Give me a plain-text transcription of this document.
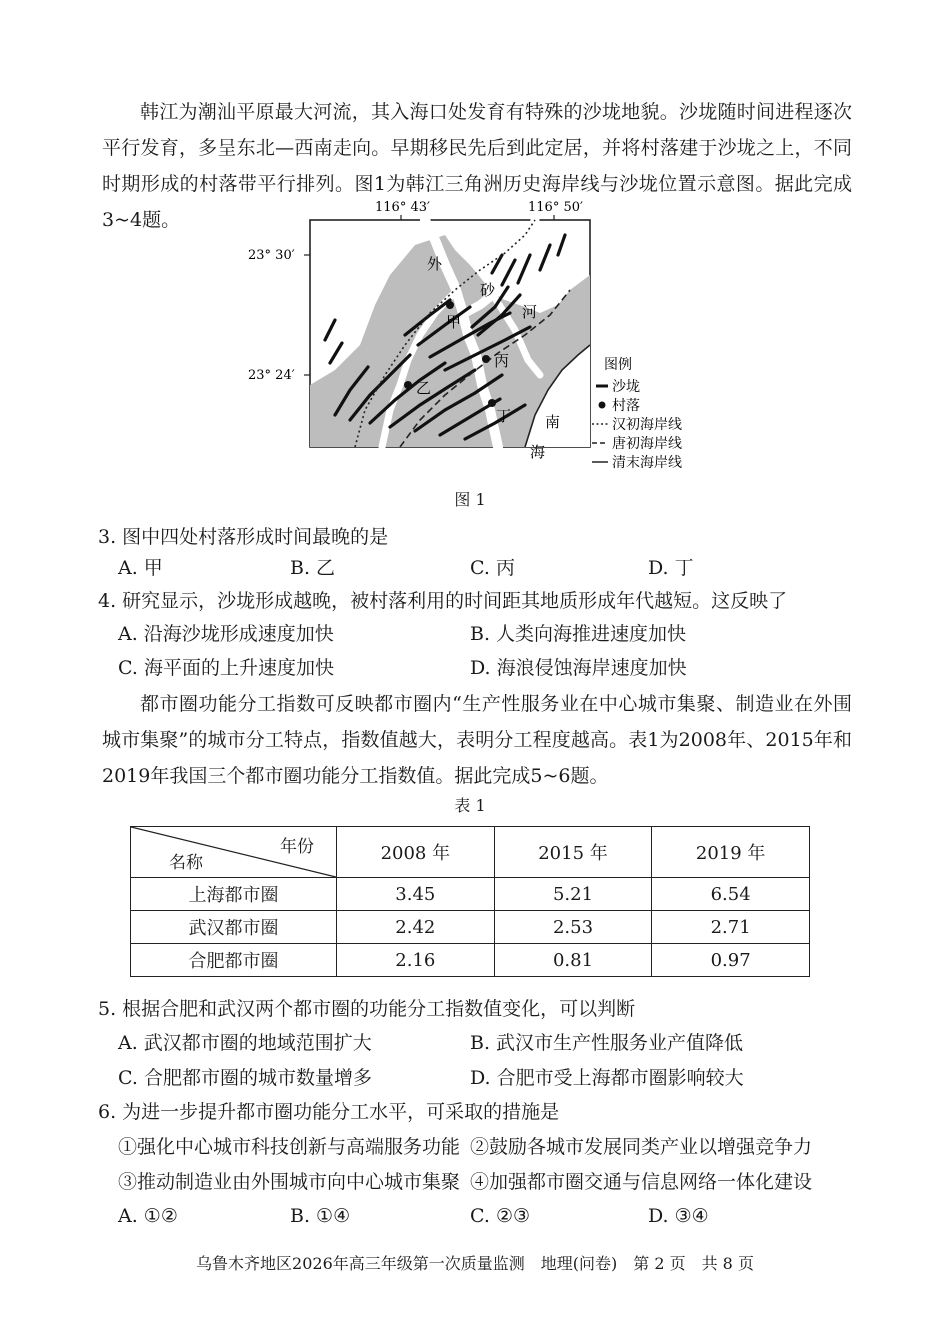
韩江为潮汕平原最大河流，其入海口处发育有特殊的沙垅地貌。沙垅随时间进程逐次平行发育，多呈东北—西南走向。早期移民先后到此定居，并将村落建于沙垅之上，不同时期形成的村落带平行排列。图1为韩江三角洲历史海岸线与沙垅位置示意图。据此完成3~4题。

甲
乙
丙
丁
外
砂
河
南
海
116° 43′	116° 50′
23° 30′
23° 24′
图例
沙垅
村落
汉初海岸线
唐初海岸线
清末海岸线
图 1

3. 图中四处村落形成时间最晚的是

A. 甲	B. 乙	C. 丙	D. 丁

4. 研究显示，沙垅形成越晚，被村落利用的时间距其地质形成年代越短。这反映了

A. 沿海沙垅形成速度加快	B. 人类向海推进速度加快
C. 海平面的上升速度加快	D. 海浪侵蚀海岸速度加快

都市圈功能分工指数可反映都市圈内“生产性服务业在中心城市集聚、制造业在外围城市集聚”的城市分工特点，指数值越大，表明分工程度越高。表1为2008年、2015年和2019年我国三个都市圈功能分工指数值。据此完成5~6题。

表 1
年份
名称	2008 年	2015 年	2019 年
上海都市圈	3.45	5.21	6.54
武汉都市圈	2.42	2.53	2.71
合肥都市圈	2.16	0.81	0.97

5. 根据合肥和武汉两个都市圈的功能分工指数值变化，可以判断

A. 武汉都市圈的地域范围扩大	B. 武汉市生产性服务业产值降低
C. 合肥都市圈的城市数量增多	D. 合肥市受上海都市圈影响较大

6. 为进一步提升都市圈功能分工水平，可采取的措施是

①强化中心城市科技创新与高端服务功能 ②鼓励各城市发展同类产业以增强竞争力
③推动制造业由外围城市向中心城市集聚 ④加强都市圈交通与信息网络一体化建设
A. ①②	B. ①④	C. ②③	D. ③④
乌鲁木齐地区2026年高三年级第一次质量监测　地理(问卷)　第 2 页　共 8 页
